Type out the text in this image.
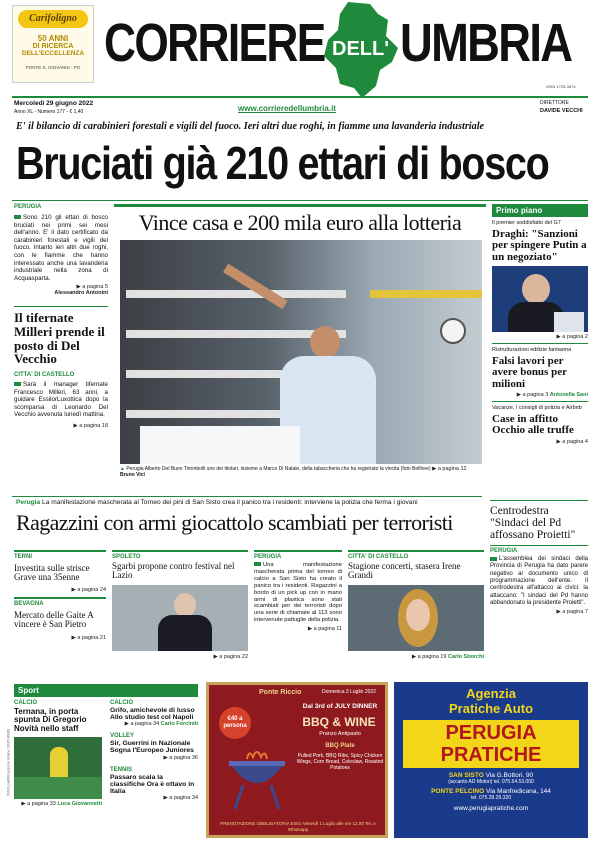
Carifoligno
50 ANNI
DI RICERCA
DELL'ECCELLENZA
PONTE S. GIOVANNI - PG CORRIERE DELL' UMBRIA
ISSN 1725-3674
Mercoledì 29 giugno 2022
Anno XL - Numero 177 - € 1,40	www.corrieredellumbria.it
DIRETTORE
DAVIDE VECCHI
E' il bilancio di carabinieri forestali e vigili del fuoco. Ieri altri due roghi, in fiamme una lavanderia industriale
Bruciati già 210 ettari di bosco
PERUGIA
Sono 210 gli ettari di bosco bruciati nei primi sei mesi dell'anno. E' il dato certificato da carabinieri forestali e vigili del fuoco. Intanto ieri altri due roghi, con le fiamme che hanno interessato anche una lavanderia industriale nella zona di Acquasparta.
▶ a pagina 5
Alessandro Antonini
Il tifernate Milleri prende il posto di Del Vecchio
CITTA' DI CASTELLO
Sarà il manager tifernate Francesco Milleri, 63 anni, a guidare EssilorLuxottica dopo la scomparsa di Leonardo Del Vecchio avvenuta lunedì mattina.
▶ a pagina 18
Vince casa e 200 mila euro alla lotteria
▲ Perugia Alberto Del Buon Tirombolli uno dei titolari, insieme a Marco Di Natale, della tabaccheria che ha registrato la vincita (foto Belfiore) ▶ a pagina 12 Bruno Vici
Primo piano
Il premier soddisfatto del G7
Draghi: "Sanzioni per spingere Putin a un negoziato"
▶ a pagina 2
Ristrutturazioni edilizie fantasma
Falsi lavori per avere bonus per milioni
▶ a pagina 3 Antonella Sani
Vacanze, i consigli di polizia e Airbnb
Case in affitto Occhio alle truffe
▶ a pagina 4
Perugia La manifestazione mascherata al Torneo dei pini di San Sisto crea il panico tra i residenti: interviene la polizia che ferma i giovani
Ragazzini con armi giocattolo scambiati per terroristi	Centrodestra "Sindaci del Pd affossano Proietti"
PERUGIA
L'assemblea dei sindaci della Provincia di Perugia ha dato parere negativo al documento unico di programmazione dell'ente. Il centrodestra all'attacco ai civici: la attaccano: "I sindaci del Pd hanno abbandonato la presidente Proietti".
▶ a pagina 7
TERNI
Investita sulle strisce Grave una 35enne
▶ a pagina 24
BEVAGNA
Mercato delle Gaite A vincere è San Pietro
▶ a pagina 21
SPOLETO
Sgarbi propone contro festival nel Lazio
▶ a pagina 22
PERUGIA
Una manifestazione mascherata prima del torneo di calcio a San Sisto ha creato il panico tra i residenti. Ragazzini a bordo di un pick up con in mano armi di plastica sono stati scambiati per dei terroristi dopo una serie di chiamate al 113 sono intervenute pattuglie della polizia.
▶ a pagina 11
CITTA' DI CASTELLO
Stagione concerti, stasera Irene Grandi
▶ a pagina 19 Carlo Sborchi
Sport
CALCIO
Ternana, in porta spunta Di Gregorio Novità nello staff
▶ a pagina 33 Luca Giovannetti
CALCIO
Grifo, amichevole di lusso Allo studio test col Napoli
▶ a pagina 34 Carlo Forciniti
VOLLEY
Sir, Guerrini in Nazionale Sogna l'Europeo Juniores
▶ a pagina 36
TENNIS
Passaro scala la classifiche Ora è ottavo in Italia
▶ a pagina 34
Ponte Riccio	Domenica 3 Luglio 2022
Dal 3rd of JULY DINNER
BBQ & WINE
Pranzo Antipasto
BBQ Plate
Pulled Pork, BBQ Ribs, Spicy Chicken Wings, Corn Bread, Coleslaw, Roasted Potatoes
€40 a persona
PRENOTAZIONE OBBLIGATORIA Entro Venerdì 1 Luglio alle ore 12.00 Tel. e Whatsapp
Agenzia
Pratiche Auto
PERUGIA
PRATICHE
SAN SISTO Via G.Bottori, 90
(accanto AD Motori) tel. 075.54.53.000
PONTE PELCINO Via Manfredicana, 144
tel. 075.39.29.320
www.perugiapratiche.com
ISSN pubblicazione online 2035-8989
